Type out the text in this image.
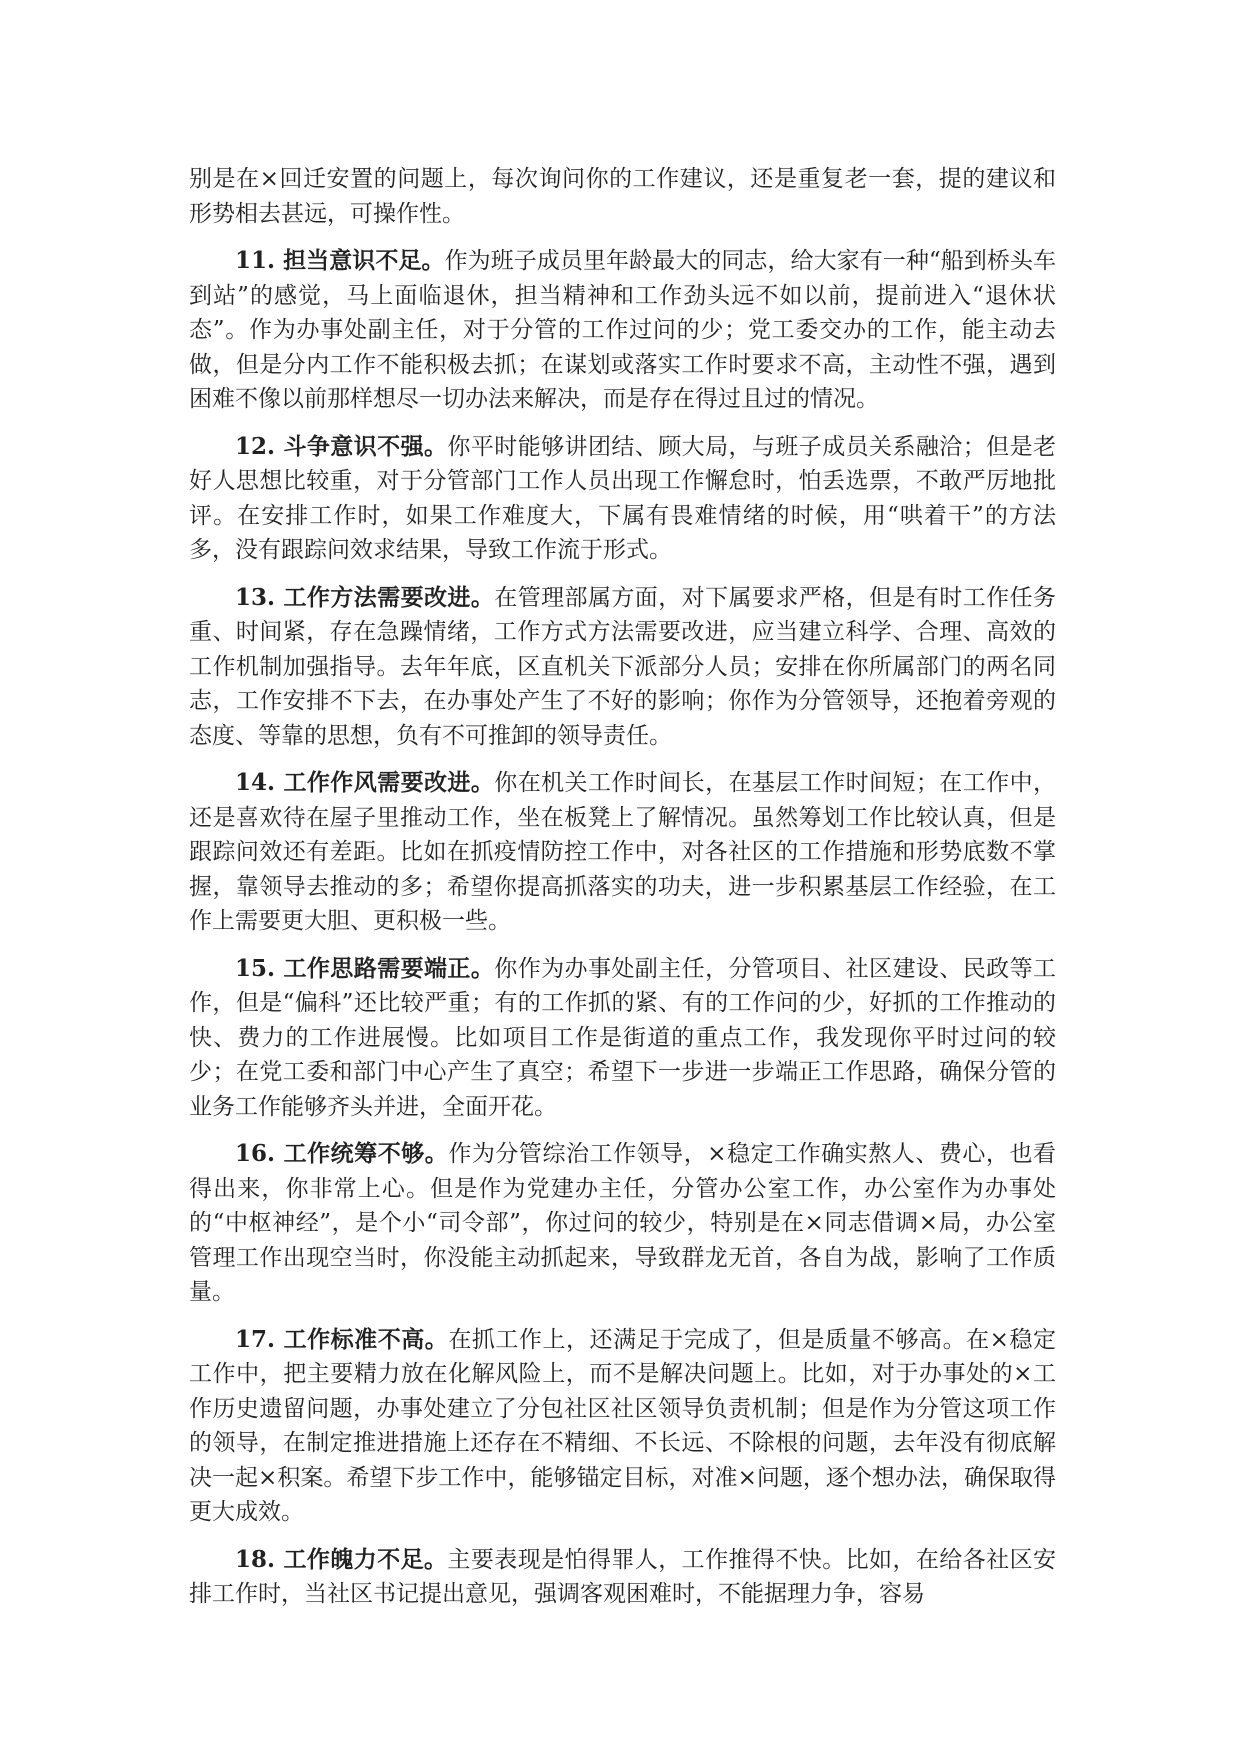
别是在×回迁安置的问题上，每次询问你的工作建议，还是重复老一套，提的建议和形势相去甚远，可操作性。

11. 担当意识不足。作为班子成员里年龄最大的同志，给大家有一种“船到桥头车到站”的感觉，马上面临退休，担当精神和工作劲头远不如以前，提前进入“退休状态”。作为办事处副主任，对于分管的工作过问的少；党工委交办的工作，能主动去做，但是分内工作不能积极去抓；在谋划或落实工作时要求不高，主动性不强，遇到困难不像以前那样想尽一切办法来解决，而是存在得过且过的情况。

12. 斗争意识不强。你平时能够讲团结、顾大局，与班子成员关系融洽；但是老好人思想比较重，对于分管部门工作人员出现工作懈怠时，怕丢选票，不敢严厉地批评。在安排工作时，如果工作难度大，下属有畏难情绪的时候，用“哄着干”的方法多，没有跟踪问效求结果，导致工作流于形式。

13. 工作方法需要改进。在管理部属方面，对下属要求严格，但是有时工作任务重、时间紧，存在急躁情绪，工作方式方法需要改进，应当建立科学、合理、高效的工作机制加强指导。去年年底，区直机关下派部分人员；安排在你所属部门的两名同志，工作安排不下去，在办事处产生了不好的影响；你作为分管领导，还抱着旁观的态度、等靠的思想，负有不可推卸的领导责任。

14. 工作作风需要改进。你在机关工作时间长，在基层工作时间短；在工作中，还是喜欢待在屋子里推动工作，坐在板凳上了解情况。虽然筹划工作比较认真，但是跟踪问效还有差距。比如在抓疫情防控工作中，对各社区的工作措施和形势底数不掌握，靠领导去推动的多；希望你提高抓落实的功夫，进一步积累基层工作经验，在工作上需要更大胆、更积极一些。

15. 工作思路需要端正。你作为办事处副主任，分管项目、社区建设、民政等工作，但是“偏科”还比较严重；有的工作抓的紧、有的工作问的少，好抓的工作推动的快、费力的工作进展慢。比如项目工作是街道的重点工作，我发现你平时过问的较少；在党工委和部门中心产生了真空；希望下一步进一步端正工作思路，确保分管的业务工作能够齐头并进，全面开花。

16. 工作统筹不够。作为分管综治工作领导，×稳定工作确实熬人、费心，也看得出来，你非常上心。但是作为党建办主任，分管办公室工作，办公室作为办事处的“中枢神经”，是个小“司令部”，你过问的较少，特别是在×同志借调×局，办公室管理工作出现空当时，你没能主动抓起来，导致群龙无首，各自为战，影响了工作质量。

17. 工作标准不高。在抓工作上，还满足于完成了，但是质量不够高。在×稳定工作中，把主要精力放在化解风险上，而不是解决问题上。比如，对于办事处的×工作历史遗留问题，办事处建立了分包社区社区领导负责机制；但是作为分管这项工作的领导，在制定推进措施上还存在不精细、不长远、不除根的问题，去年没有彻底解决一起×积案。希望下步工作中，能够锚定目标，对准×问题，逐个想办法，确保取得更大成效。

18. 工作魄力不足。主要表现是怕得罪人，工作推得不快。比如，在给各社区安排工作时，当社区书记提出意见，强调客观困难时，不能据理力争，容易
